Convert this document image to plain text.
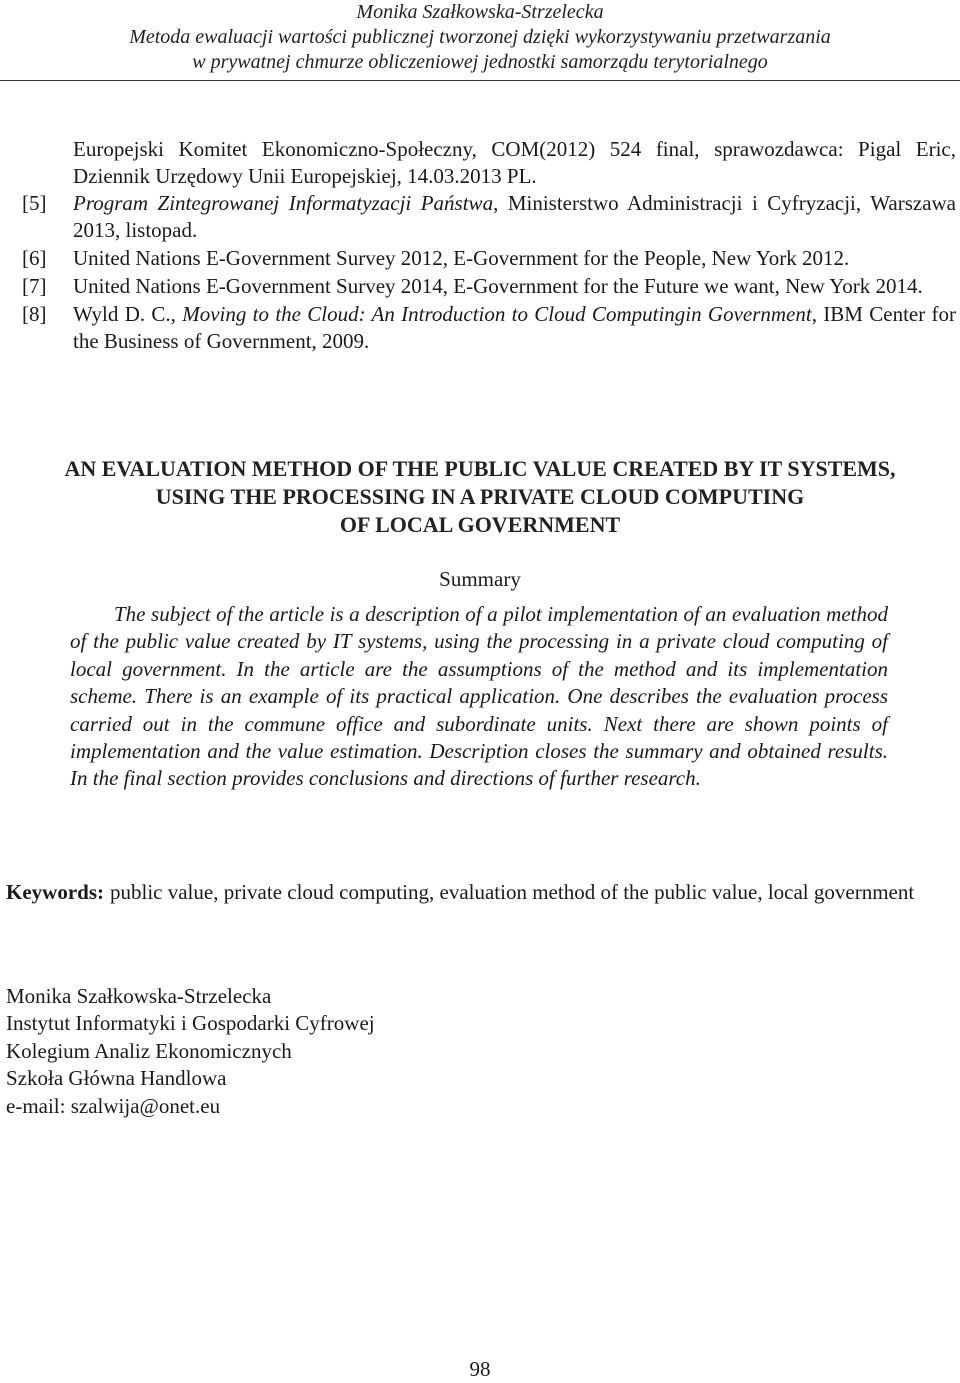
Monika Szałkowska-Strzelecka
Metoda ewaluacji wartości publicznej tworzonej dzięki wykorzystywaniu przetwarzania
w prywatnej chmurze obliczeniowej jednostki samorządu terytorialnego
Europejski Komitet Ekonomiczno-Społeczny, COM(2012) 524 final, sprawozdawca: Pigal Eric, Dziennik Urzędowy Unii Europejskiej, 14.03.2013 PL.
[5]	Program Zintegrowanej Informatyzacji Państwa, Ministerstwo Administracji i Cyfryzacji, Warszawa 2013, listopad.
[6]	United Nations E-Government Survey 2012, E-Government for the People, New York 2012.
[7]	United Nations E-Government Survey 2014, E-Government for the Future we want, New York 2014.
[8]	Wyld D. C., Moving to the Cloud: An Introduction to Cloud Computingin Government, IBM Center for the Business of Government, 2009.
AN EVALUATION METHOD OF THE PUBLIC VALUE CREATED BY IT SYSTEMS,
USING THE PROCESSING IN A PRIVATE CLOUD COMPUTING
OF LOCAL GOVERNMENT
Summary
The subject of the article is a description of a pilot implementation of an evaluation method of the public value created by IT systems, using the processing in a private cloud computing of local government. In the article are the assumptions of the method and its implementation scheme. There is an example of its practical application. One describes the evaluation process carried out in the commune office and subordinate units. Next there are shown points of implementation and the value estimation. Description closes the summary and obtained results. In the final section provides conclusions and directions of further research.
Keywords: public value, private cloud computing, evaluation method of the public value, local government
Monika Szałkowska-Strzelecka
Instytut Informatyki i Gospodarki Cyfrowej
Kolegium Analiz Ekonomicznych
Szkoła Główna Handlowa
e-mail: szalwija@onet.eu
98
